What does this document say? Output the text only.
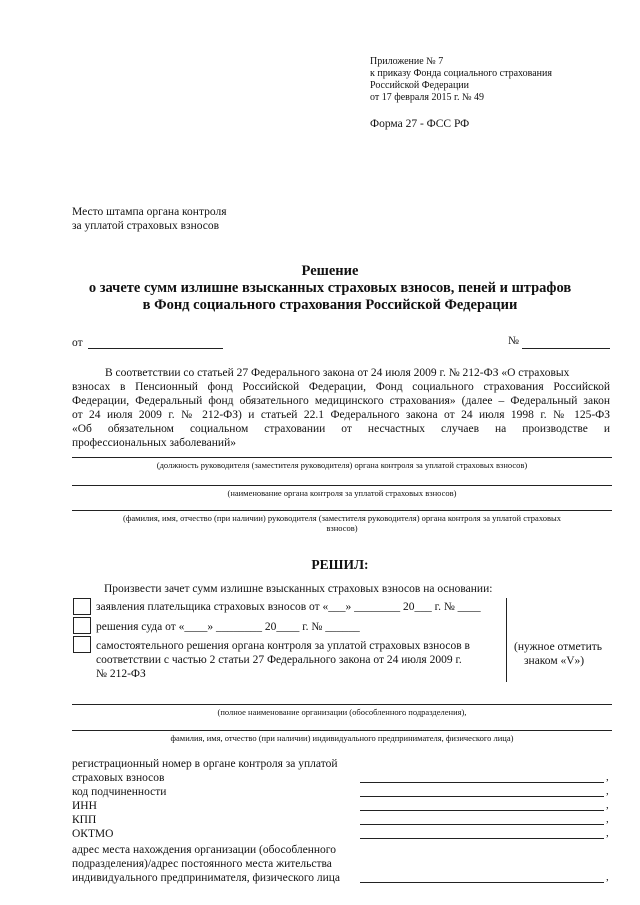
Приложение № 7
к приказу Фонда социального страхования
Российской Федерации
от 17 февраля 2015 г. № 49
Форма 27 - ФСС РФ
Место штампа органа контроля
за уплатой страховых взносов
Решение
о зачете сумм излишне взысканных страховых взносов, пеней и штрафов
в Фонд социального страхования Российской Федерации
от	№
В соответствии со статьей 27 Федерального закона от 24 июля 2009 г. № 212-ФЗ «О страховых
взносах в Пенсионный фонд Российской Федерации, Фонд социального страхования Российской
Федерации, Федеральный фонд обязательного медицинского страхования» (далее – Федеральный закон
от 24 июля 2009 г. № 212-ФЗ) и статьей 22.1 Федерального закона от 24 июля 1998 г. № 125-ФЗ
«Об обязательном социальном страховании от несчастных случаев на производстве и
профессиональных заболеваний»
(должность руководителя (заместителя руководителя) органа контроля за уплатой страховых взносов)
(наименование органа контроля за уплатой страховых взносов)
(фамилия, имя, отчество (при наличии) руководителя (заместителя руководителя) органа контроля за уплатой страховых
взносов)
РЕШИЛ:
Произвести зачет сумм излишне взысканных страховых взносов на основании:
заявления плательщика страховых взносов от «___» ________ 20___ г. № ____
решения суда от «____» ________ 20____ г. № ______
самостоятельного решения органа контроля за уплатой страховых взносов в
соответствии с частью 2 статьи 27 Федерального закона от 24 июля 2009 г.
№ 212-ФЗ
(нужное отметить
знаком «V»)
(полное наименование организации (обособленного подразделения),
фамилия, имя, отчество (при наличии) индивидуального предпринимателя, физического лица)
регистрационный номер в органе контроля за уплатой
страховых взносов	,
код подчиненности	,
ИНН	,
КПП	,
ОКТМО	,
адрес места нахождения организации (обособленного
подразделения)/адрес постоянного места жительства
индивидуального предпринимателя, физического лица	,
